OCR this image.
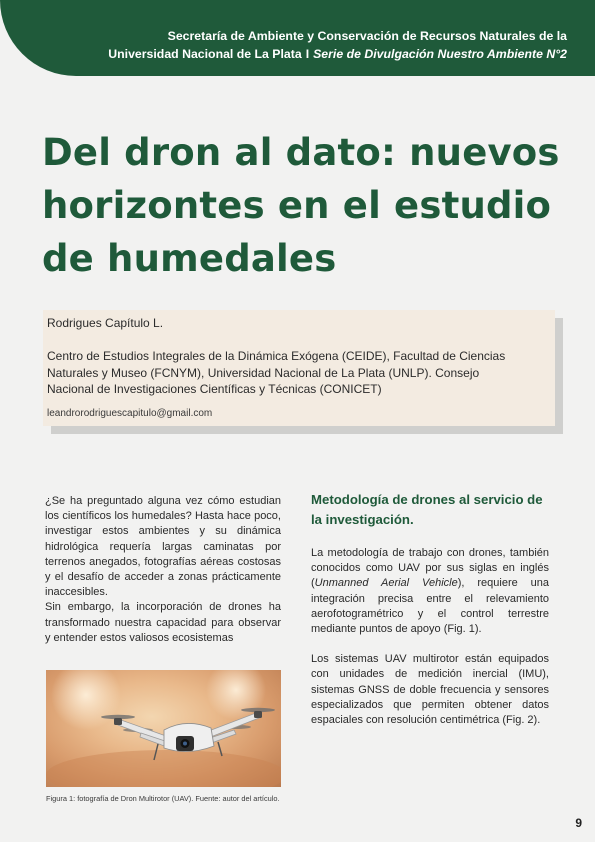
Secretaría de Ambiente y Conservación de Recursos Naturales de la
Universidad Nacional de La Plata I Serie de Divulgación Nuestro Ambiente N°2
Del dron al dato: nuevos horizontes en el estudio de humedales
Rodrigues Capítulo L.
Centro de Estudios Integrales de la Dinámica Exógena (CEIDE), Facultad de Ciencias Naturales y Museo (FCNYM), Universidad Nacional de La Plata (UNLP). Consejo Nacional de Investigaciones Científicas y Técnicas (CONICET)
leandrorodriguescapitulo@gmail.com

¿Se ha preguntado alguna vez cómo estudian los científicos los humedales? Hasta hace poco, investigar estos ambientes y su dinámica hidrológica requería largas caminatas por terrenos anegados, fotografías aéreas costosas y el desafío de acceder a zonas prácticamente inaccesibles.

Sin embargo, la incorporación de drones ha transformado nuestra capacidad para observar y entender estos valiosos ecosistemas

Figura 1: fotografía de Dron Multirotor (UAV). Fuente: autor del artículo.
Metodología de drones al servicio de la investigación.

La metodología de trabajo con drones, también conocidos como UAV por sus siglas en inglés (Unmanned Aerial Vehicle), requiere una integración precisa entre el relevamiento aerofotogramétrico y el control terrestre mediante puntos de apoyo (Fig. 1).

Los sistemas UAV multirotor están equipados con unidades de medición inercial (IMU), sistemas GNSS de doble frecuencia y sensores especializados que permiten obtener datos espaciales con resolución centimétrica (Fig. 2).

9
